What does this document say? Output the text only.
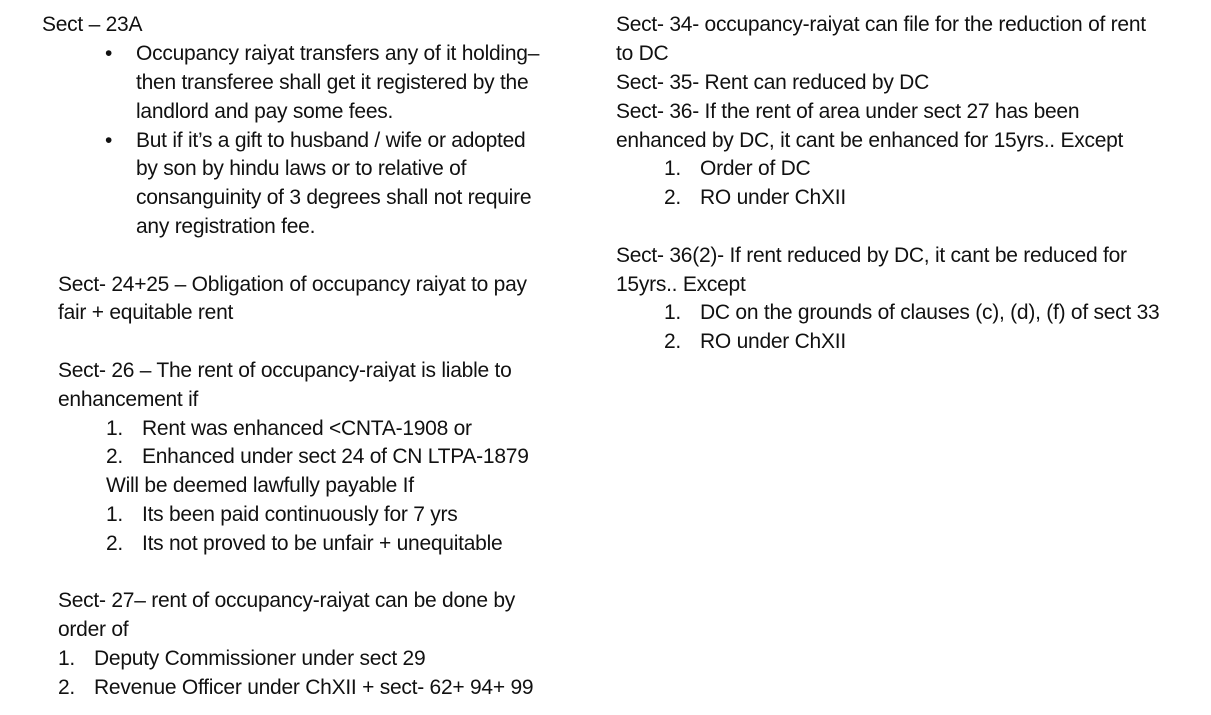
Sect – 23A
• Occupancy raiyat transfers any of it holding–
then transferee shall get it registered by the
landlord and pay some fees.
• But if it’s a gift to husband / wife or adopted
by son by hindu laws or to relative of
consanguinity of 3 degrees shall not require
any registration fee.
Sect- 24+25 – Obligation of occupancy raiyat to pay
fair + equitable rent
Sect- 26 – The rent of occupancy-raiyat is liable to
enhancement if
1. Rent was enhanced <CNTA-1908 or
2. Enhanced under sect 24 of CN LTPA-1879
Will be deemed lawfully payable If
1. Its been paid continuously for 7 yrs
2. Its not proved to be unfair + unequitable
Sect- 27– rent of occupancy-raiyat can be done by
order of
1. Deputy Commissioner under sect 29
2. Revenue Officer under ChXII + sect- 62+ 94+ 99
Sect- 34- occupancy-raiyat can file for the reduction of rent
to DC
Sect- 35- Rent can reduced by DC
Sect- 36- If the rent of area under sect 27 has been
enhanced by DC, it cant be enhanced for 15yrs.. Except
1. Order of DC
2. RO under ChXII
Sect- 36(2)- If rent reduced by DC, it cant be reduced for
15yrs.. Except
1. DC on the grounds of clauses (c), (d), (f) of sect 33
2. RO under ChXII
